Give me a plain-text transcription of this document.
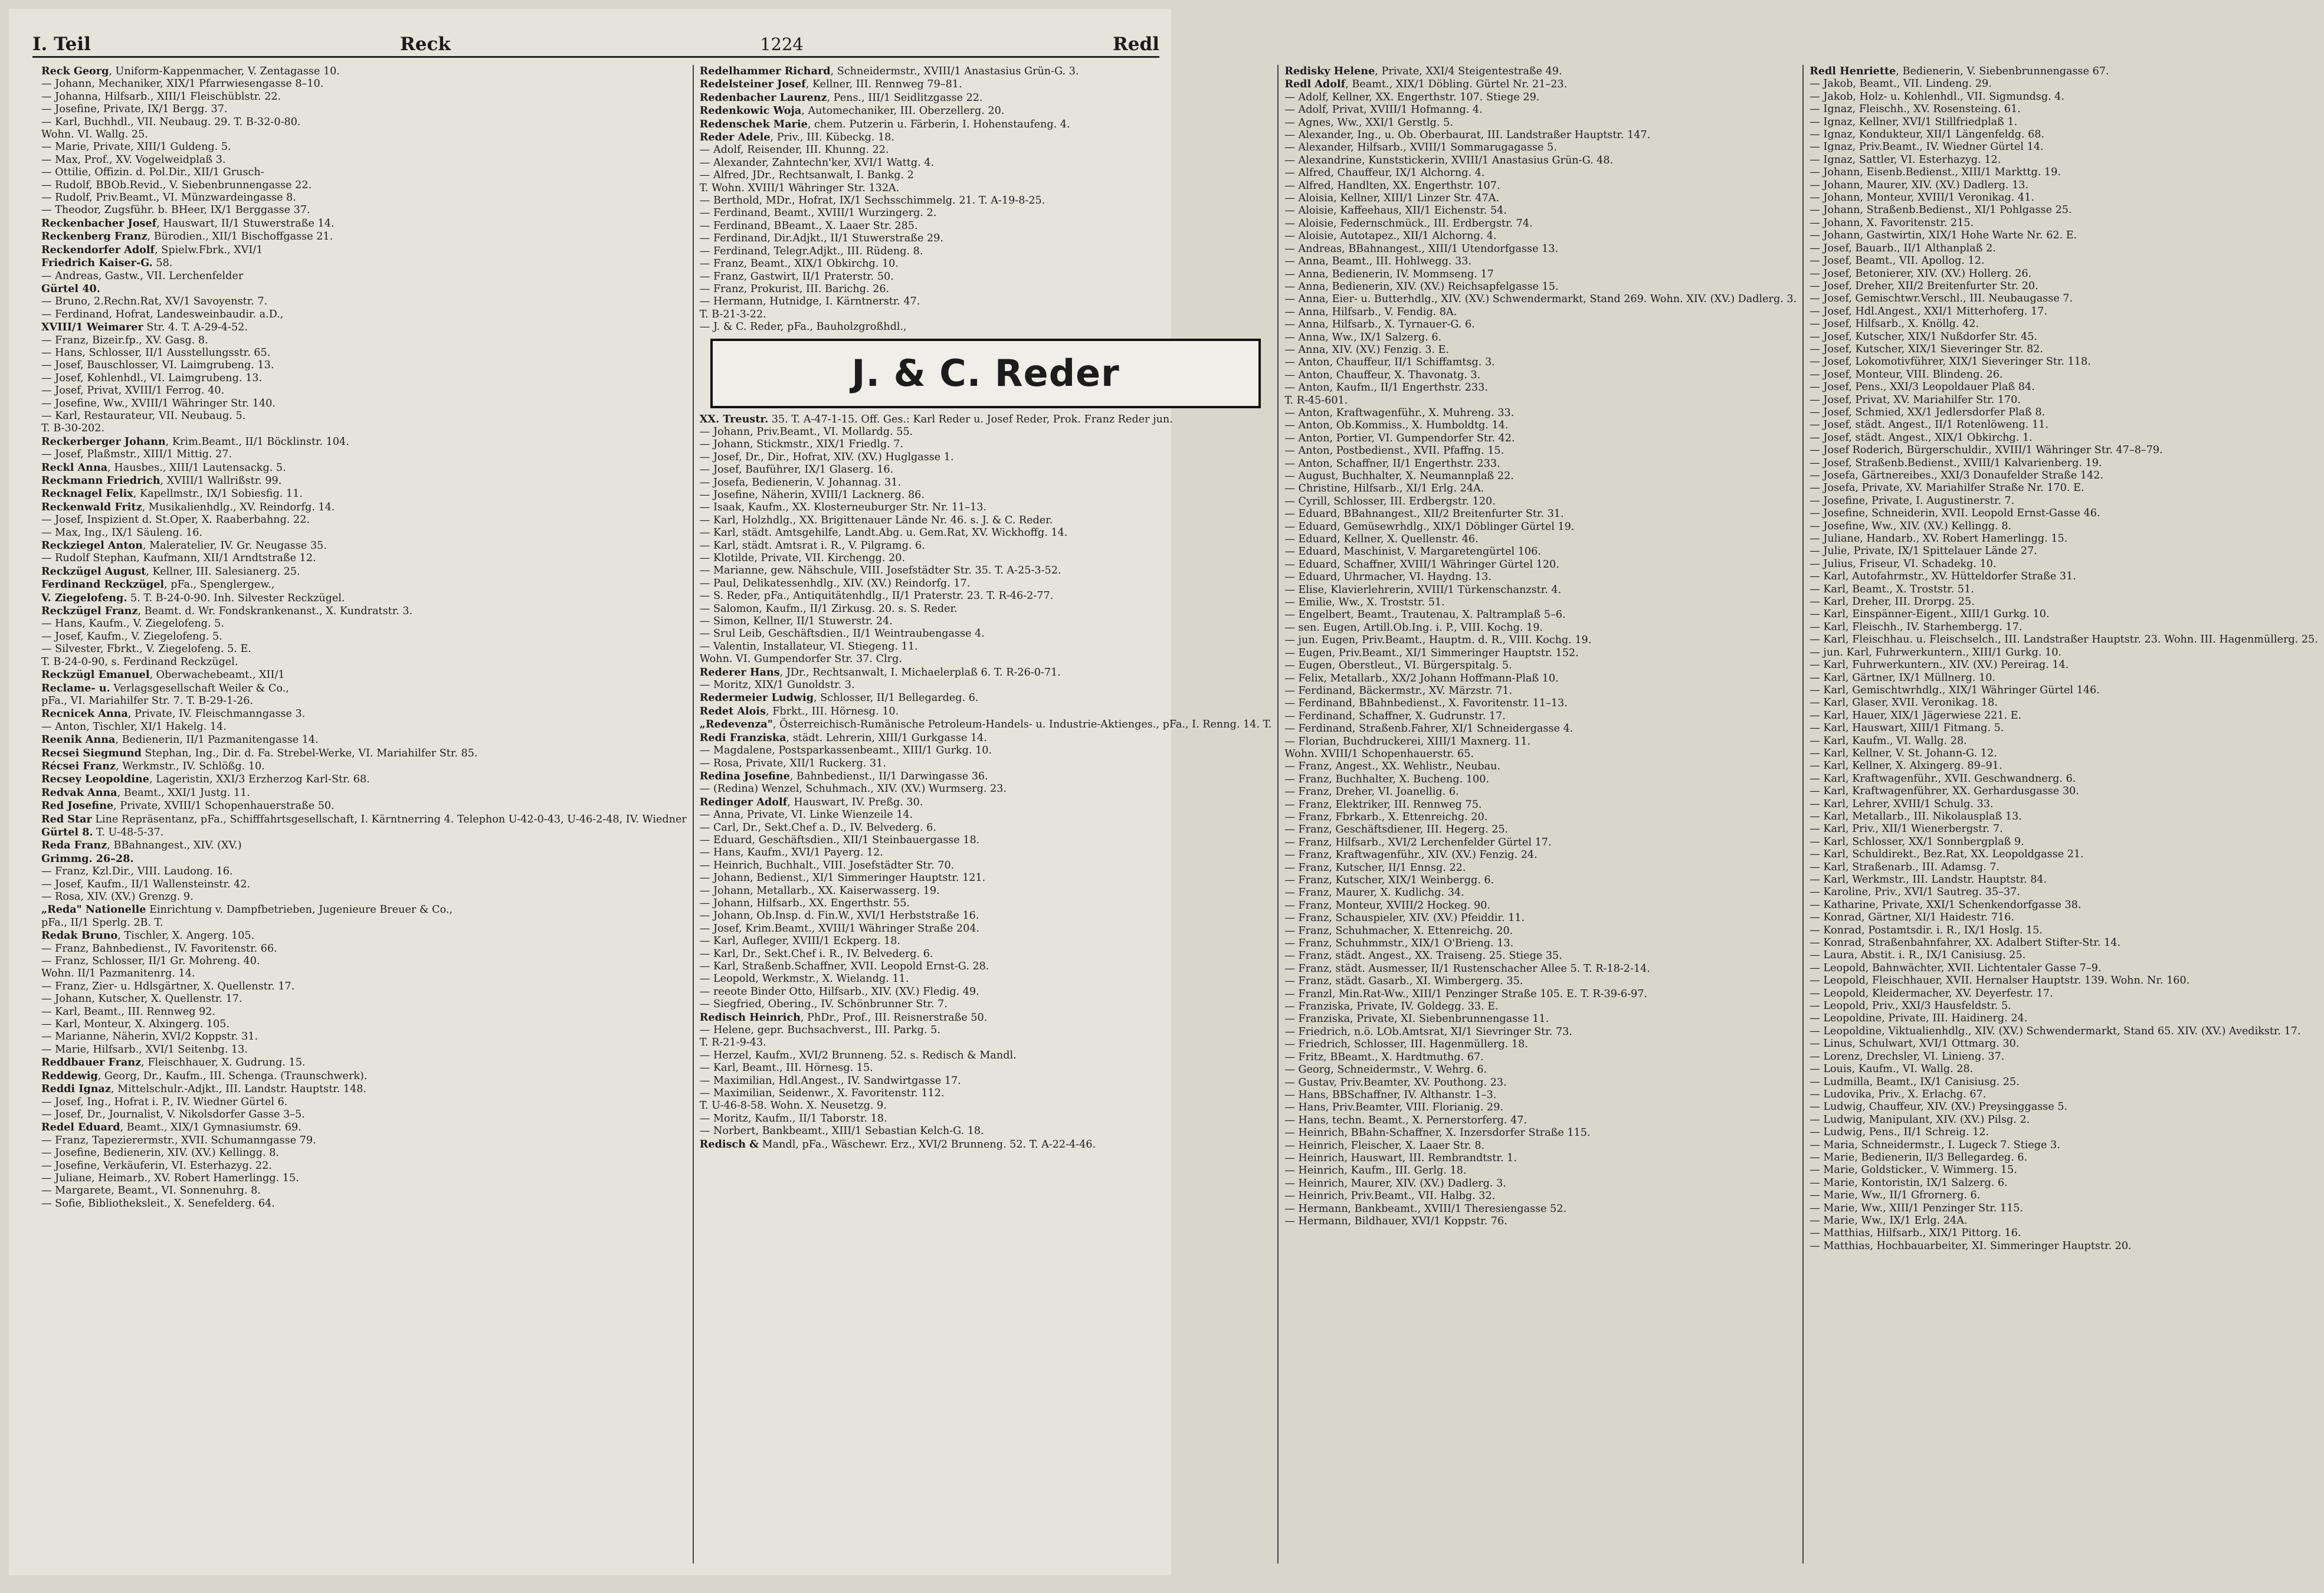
I. Teil	Reck	1224	Redl
Reck Georg, Uniform-Kappenmacher, V. Zentagasse 10.
— Johann, Mechaniker, XIX/1 Pfarrwiesengasse 8–10.
— Johanna, Hilfsarb., XIII/1 Fleischüblstr. 22.
— Josefine, Private, IX/1 Bergg. 37.
— Karl, Buchhdl., VII. Neubaug. 29. T. B-32-0-80.
Wohn. VI. Wallg. 25.
— Marie, Private, XIII/1 Guldeng. 5.
— Max, Prof., XV. Vogelweidplaß 3.
— Ottilie, Offizin. d. Pol.Dir., XII/1 Grusch-
— Rudolf, BBOb.Revid., V. Siebenbrunnengasse 22.
— Rudolf, Priv.Beamt., VI. Münzwardeingasse 8.
— Theodor, Zugsführ. b. BHeer, IX/1 Berggasse 37.
Reckenbacher Josef, Hauswart, II/1 Stuwerstraße 14.
Reckenberg Franz, Bürodien., XII/1 Bischoffgasse 21.
Reckendorfer Adolf, Spielw.Fbrk., XVI/1
Friedrich Kaiser-G. 58.
— Andreas, Gastw., VII. Lerchenfelder
Gürtel 40.
— Bruno, 2.Rechn.Rat, XV/1 Savoyenstr. 7.
— Ferdinand, Hofrat, Landesweinbaudir. a.D.,
XVIII/1 Weimarer Str. 4. T. A-29-4-52.
— Franz, Bizeir.fp., XV. Gasg. 8.
— Hans, Schlosser, II/1 Ausstellungsstr. 65.
— Josef, Bauschlosser, VI. Laimgrubeng. 13.
— Josef, Kohlenhdl., VI. Laimgrubeng. 13.
— Josef, Privat, XVIII/1 Ferrog. 40.
— Josefine, Ww., XVIII/1 Währinger Str. 140.
— Karl, Restaurateur, VII. Neubaug. 5.
T. B-30-202.
Reckerberger Johann, Krim.Beamt., II/1 Böcklinstr. 104.
— Josef, Plaßmstr., XIII/1 Mittig. 27.
Reckl Anna, Hausbes., XIII/1 Lautensackg. 5.
Reckmann Friedrich, XVIII/1 Wallrißstr. 99.
Recknagel Felix, Kapellmstr., IX/1 Sobiesfig. 11.
Reckenwald Fritz, Musikalienhdlg., XV. Reindorfg. 14.
— Josef, Inspizient d. St.Oper, X. Raaberbahng. 22.
— Max, Ing., IX/1 Säuleng. 16.
Reckziegel Anton, Maleratelier, IV. Gr. Neugasse 35.
— Rudolf Stephan, Kaufmann, XII/1 Arndtstraße 12.
Reckzügel August, Kellner, III. Salesianerg. 25.
Ferdinand Reckzügel, pFa., Spenglergew.,
V. Ziegelofeng. 5. T. B-24-0-90. Inh. Silvester Reckzügel.
Reckzügel Franz, Beamt. d. Wr. Fondskrankenanst., X. Kundratstr. 3.
— Hans, Kaufm., V. Ziegelofeng. 5.
— Josef, Kaufm., V. Ziegelofeng. 5.
— Silvester, Fbrkt., V. Ziegelofeng. 5. E.
T. B-24-0-90, s. Ferdinand Reckzügel.
Reckzügl Emanuel, Oberwachebeamt., XII/1
Reclame- u. Verlagsgesellschaft Weiler & Co.,
pFa., VI. Mariahilfer Str. 7. T. B-29-1-26.
Recnicek Anna, Private, IV. Fleischmanngasse 3.
— Anton, Tischler, XI/1 Hakelg. 14.
Reenik Anna, Bedienerin, II/1 Pazmanitengasse 14.
Recsei Siegmund Stephan, Ing., Dir. d. Fa. Strebel-Werke, VI. Mariahilfer Str. 85.
Récsei Franz, Werkmstr., IV. Schlößg. 10.
Recsey Leopoldine, Lageristin, XXI/3 Erzherzog Karl-Str. 68.
Redvak Anna, Beamt., XXI/1 Justg. 11.
Red Josefine, Private, XVIII/1 Schopenhauerstraße 50.
Red Star Line Repräsentanz, pFa., Schifffahrtsgesellschaft, I. Kärntnerring 4. Telephon U-42-0-43, U-46-2-48, IV. Wiedner
Gürtel 8. T. U-48-5-37.
Reda Franz, BBahnangest., XIV. (XV.)
Grimmg. 26–28.
— Franz, Kzl.Dir., VIII. Laudong. 16.
— Josef, Kaufm., II/1 Wallensteinstr. 42.
— Rosa, XIV. (XV.) Grenzg. 9.
„Reda" Nationelle Einrichtung v. Dampfbetrieben, Jugenieure Breuer & Co.,
pFa., II/1 Sperlg. 2B. T.
Redak Bruno, Tischler, X. Angerg. 105.
— Franz, Bahnbedienst., IV. Favoritenstr. 66.
— Franz, Schlosser, II/1 Gr. Mohreng. 40.
Wohn. II/1 Pazmanitenrg. 14.
— Franz, Zier- u. Hdlsgärtner, X. Quellenstr. 17.
— Johann, Kutscher, X. Quellenstr. 17.
— Karl, Beamt., III. Rennweg 92.
— Karl, Monteur, X. Alxingerg. 105.
— Marianne, Näherin, XVI/2 Koppstr. 31.
— Marie, Hilfsarb., XVI/1 Seitenbg. 13.
Reddbauer Franz, Fleischhauer, X. Gudrung. 15.
Reddewig, Georg, Dr., Kaufm., III. Schenga. (Traunschwerk).
Reddi Ignaz, Mittelschulr.-Adjkt., III. Landstr. Hauptstr. 148.
— Josef, Ing., Hofrat i. P., IV. Wiedner Gürtel 6.
— Josef, Dr., Journalist, V. Nikolsdorfer Gasse 3–5.
Redel Eduard, Beamt., XIX/1 Gymnasiumstr. 69.
— Franz, Tapezierermstr., XVII. Schumanngasse 79.
— Josefine, Bedienerin, XIV. (XV.) Kellingg. 8.
— Josefine, Verkäuferin, VI. Esterhazyg. 22.
— Juliane, Heimarb., XV. Robert Hamerlingg. 15.
— Margarete, Beamt., VI. Sonnenuhrg. 8.
— Sofie, Bibliotheksleit., X. Senefelderg. 64.
Redelhammer Richard, Schneidermstr., XVIII/1 Anastasius Grün-G. 3.
Redelsteiner Josef, Kellner, III. Rennweg 79–81.
Redenbacher Laurenz, Pens., III/1 Seidlitzgasse 22.
Redenkowic Woja, Automechaniker, III. Oberzellerg. 20.
Redenschek Marie, chem. Putzerin u. Färberin, I. Hohenstaufeng. 4.
Reder Adele, Priv., III. Kübeckg. 18.
— Adolf, Reisender, III. Khunng. 22.
— Alexander, Zahntechn'ker, XVI/1 Wattg. 4.
— Alfred, JDr., Rechtsanwalt, I. Bankg. 2
T. Wohn. XVIII/1 Währinger Str. 132A.
— Berthold, MDr., Hofrat, IX/1 Sechsschimmelg. 21. T. A-19-8-25.
— Ferdinand, Beamt., XVIII/1 Wurzingerg. 2.
— Ferdinand, BBeamt., X. Laaer Str. 285.
— Ferdinand, Dir.Adjkt., II/1 Stuwerstraße 29.
— Ferdinand, Telegr.Adjkt., III. Rüdeng. 8.
— Franz, Beamt., XIX/1 Obkirchg. 10.
— Franz, Gastwirt, II/1 Praterstr. 50.
— Franz, Prokurist, III. Barichg. 26.
— Hermann, Hutnidge, I. Kärntnerstr. 47.
T. B-21-3-22.
— J. & C. Reder, pFa., Bauholzgroßhdl.,
J. & C. Reder
XX. Treustr. 35. T. A-47-1-15. Off. Ges.: Karl Reder u. Josef Reder, Prok. Franz Reder jun.
— Johann, Priv.Beamt., VI. Mollardg. 55.
— Johann, Stickmstr., XIX/1 Friedlg. 7.
— Josef, Dr., Dir., Hofrat, XIV. (XV.) Huglgasse 1.
— Josef, Bauführer, IX/1 Glaserg. 16.
— Josefa, Bedienerin, V. Johannag. 31.
— Josefine, Näherin, XVIII/1 Lacknerg. 86.
— Isaak, Kaufm., XX. Klosterneuburger Str. Nr. 11–13.
— Karl, Holzhdlg., XX. Brigittenauer Lände Nr. 46. s. J. & C. Reder.
— Karl, städt. Amtsgehilfe, Landt.Abg. u. Gem.Rat, XV. Wickhoffg. 14.
— Karl, städt. Amtsrat i. R., V. Pilgramg. 6.
— Klotilde, Private, VII. Kirchengg. 20.
— Marianne, gew. Nähschule, VIII. Josefstädter Str. 35. T. A-25-3-52.
— Paul, Delikatessenhdlg., XIV. (XV.) Reindorfg. 17.
— S. Reder, pFa., Antiquitätenhdlg., II/1 Praterstr. 23. T. R-46-2-77.
— Salomon, Kaufm., II/1 Zirkusg. 20. s. S. Reder.
— Simon, Kellner, II/1 Stuwerstr. 24.
— Srul Leib, Geschäftsdien., II/1 Weintraubengasse 4.
— Valentin, Installateur, VI. Stiegeng. 11.
Wohn. VI. Gumpendorfer Str. 37. Clrg.
Rederer Hans, JDr., Rechtsanwalt, I. Michaelerplaß 6. T. R-26-0-71.
— Moritz, XIX/1 Gunoldstr. 3.
Redermeier Ludwig, Schlosser, II/1 Bellegardeg. 6.
Redet Alois, Fbrkt., III. Hörnesg. 10.
„Redevenza", Österreichisch-Rumänische Petroleum-Handels- u. Industrie-Aktienges., pFa., I. Renng. 14. T.
Redi Franziska, städt. Lehrerin, XIII/1 Gurkgasse 14.
— Magdalene, Postsparkassenbeamt., XIII/1 Gurkg. 10.
— Rosa, Private, XII/1 Ruckerg. 31.
Redina Josefine, Bahnbedienst., II/1 Darwingasse 36.
— (Redina) Wenzel, Schuhmach., XIV. (XV.) Wurmserg. 23.
Redinger Adolf, Hauswart, IV. Preßg. 30.
— Anna, Private, VI. Linke Wienzeile 14.
— Carl, Dr., Sekt.Chef a. D., IV. Belvederg. 6.
— Eduard, Geschäftsdien., XII/1 Steinbauergasse 18.
— Hans, Kaufm., XVI/1 Payerg. 12.
— Heinrich, Buchhalt., VIII. Josefstädter Str. 70.
— Johann, Bedienst., XI/1 Simmeringer Hauptstr. 121.
— Johann, Metallarb., XX. Kaiserwasserg. 19.
— Johann, Hilfsarb., XX. Engerthstr. 55.
— Johann, Ob.Insp. d. Fin.W., XVI/1 Herbststraße 16.
— Josef, Krim.Beamt., XVIII/1 Währinger Straße 204.
— Karl, Aufleger, XVIII/1 Eckperg. 18.
— Karl, Dr., Sekt.Chef i. R., IV. Belvederg. 6.
— Karl, Straßenb.Schaffner, XVII. Leopold Ernst-G. 28.
— Leopold, Werkmstr., X. Wielandg. 11.
— reeote Binder Otto, Hilfsarb., XIV. (XV.) Fledig. 49.
— Siegfried, Obering., IV. Schönbrunner Str. 7.
Redisch Heinrich, PhDr., Prof., III. Reisnerstraße 50.
— Helene, gepr. Buchsachverst., III. Parkg. 5.
T. R-21-9-43.
— Herzel, Kaufm., XVI/2 Brunneng. 52. s. Redisch & Mandl.
— Karl, Beamt., III. Hörnesg. 15.
— Maximilian, Hdl.Angest., IV. Sandwirtgasse 17.
— Maximilian, Seidenwr., X. Favoritenstr. 112.
T. U-46-8-58. Wohn. X. Neusetzg. 9.
— Moritz, Kaufm., II/1 Taborstr. 18.
— Norbert, Bankbeamt., XIII/1 Sebastian Kelch-G. 18.
Redisch & Mandl, pFa., Wäschewr. Erz., XVI/2 Brunneng. 52. T. A-22-4-46.
Redisky Helene, Private, XXI/4 Steigentestraße 49.
Redl Adolf, Beamt., XIX/1 Döbling. Gürtel Nr. 21–23.
— Adolf, Kellner, XX. Engerthstr. 107. Stiege 29.
— Adolf, Privat, XVIII/1 Hofmanng. 4.
— Agnes, Ww., XXI/1 Gerstlg. 5.
— Alexander, Ing., u. Ob. Oberbaurat, III. Landstraßer Hauptstr. 147.
— Alexander, Hilfsarb., XVIII/1 Sommarugagasse 5.
— Alexandrine, Kunststickerin, XVIII/1 Anastasius Grün-G. 48.
— Alfred, Chauffeur, IX/1 Alchorng. 4.
— Alfred, Handlten, XX. Engerthstr. 107.
— Aloisia, Kellner, XIII/1 Linzer Str. 47A.
— Aloisie, Kaffeehaus, XII/1 Eichenstr. 54.
— Aloisie, Federnschmück., III. Erdbergstr. 74.
— Aloisie, Autotapez., XII/1 Alchorng. 4.
— Andreas, BBahnangest., XIII/1 Utendorfgasse 13.
— Anna, Beamt., III. Hohlwegg. 33.
— Anna, Bedienerin, IV. Mommseng. 17
— Anna, Bedienerin, XIV. (XV.) Reichsapfelgasse 15.
— Anna, Eier- u. Butterhdlg., XIV. (XV.) Schwendermarkt, Stand 269. Wohn. XIV. (XV.) Dadlerg. 3.
— Anna, Hilfsarb., V. Fendig. 8A.
— Anna, Hilfsarb., X. Tyrnauer-G. 6.
— Anna, Ww., IX/1 Salzerg. 6.
— Anna, XIV. (XV.) Fenzig. 3. E.
— Anton, Chauffeur, II/1 Schiffamtsg. 3.
— Anton, Chauffeur, X. Thavonatg. 3.
— Anton, Kaufm., II/1 Engerthstr. 233.
T. R-45-601.
— Anton, Kraftwagenführ., X. Muhreng. 33.
— Anton, Ob.Kommiss., X. Humboldtg. 14.
— Anton, Portier, VI. Gumpendorfer Str. 42.
— Anton, Postbedienst., XVII. Pfaffng. 15.
— Anton, Schaffner, II/1 Engerthstr. 233.
— August, Buchhalter, X. Neumannplaß 22.
— Christine, Hilfsarb., XI/1 Erlg. 24A.
— Cyrill, Schlosser, III. Erdbergstr. 120.
— Eduard, BBahnangest., XII/2 Breitenfurter Str. 31.
— Eduard, Gemüsewrhdlg., XIX/1 Döblinger Gürtel 19.
— Eduard, Kellner, X. Quellenstr. 46.
— Eduard, Maschinist, V. Margaretengürtel 106.
— Eduard, Schaffner, XVIII/1 Währinger Gürtel 120.
— Eduard, Uhrmacher, VI. Haydng. 13.
— Elise, Klavierlehrerin, XVIII/1 Türkenschanzstr. 4.
— Emilie, Ww., X. Troststr. 51.
— Engelbert, Beamt., Trautenau, X. Paltramplaß 5–6.
— sen. Eugen, Artill.Ob.Ing. i. P., VIII. Kochg. 19.
— jun. Eugen, Priv.Beamt., Hauptm. d. R., VIII. Kochg. 19.
— Eugen, Priv.Beamt., XI/1 Simmeringer Hauptstr. 152.
— Eugen, Oberstleut., VI. Bürgerspitalg. 5.
— Felix, Metallarb., XX/2 Johann Hoffmann-Plaß 10.
— Ferdinand, Bäckermstr., XV. Märzstr. 71.
— Ferdinand, BBahnbedienst., X. Favoritenstr. 11–13.
— Ferdinand, Schaffner, X. Gudrunstr. 17.
— Ferdinand, Straßenb.Fahrer, XI/1 Schneidergasse 4.
— Florian, Buchdruckerei, XIII/1 Maxnerg. 11.
Wohn. XVIII/1 Schopenhauerstr. 65.
— Franz, Angest., XX. Wehlistr., Neubau.
— Franz, Buchhalter, X. Bucheng. 100.
— Franz, Dreher, VI. Joanellig. 6.
— Franz, Elektriker, III. Rennweg 75.
— Franz, Fbrkarb., X. Ettenreichg. 20.
— Franz, Geschäftsdiener, III. Hegerg. 25.
— Franz, Hilfsarb., XVI/2 Lerchenfelder Gürtel 17.
— Franz, Kraftwagenführ., XIV. (XV.) Fenzig. 24.
— Franz, Kutscher, II/1 Ennsg. 22.
— Franz, Kutscher, XIX/1 Weinbergg. 6.
— Franz, Maurer, X. Kudlichg. 34.
— Franz, Monteur, XVIII/2 Hockeg. 90.
— Franz, Schauspieler, XIV. (XV.) Pfeiddir. 11.
— Franz, Schuhmacher, X. Ettenreichg. 20.
— Franz, Schuhmmstr., XIX/1 O'Brieng. 13.
— Franz, städt. Angest., XX. Traiseng. 25. Stiege 35.
— Franz, städt. Ausmesser, II/1 Rustenschacher Allee 5. T. R-18-2-14.
— Franz, städt. Gasarb., XI. Wimbergerg. 35.
— Franzl, Min.Rat-Ww., XIII/1 Penzinger Straße 105. E. T. R-39-6-97.
— Franziska, Private, IV. Goldegg. 33. E.
— Franziska, Private, XI. Siebenbrunnengasse 11.
— Friedrich, n.ö. LOb.Amtsrat, XI/1 Sievringer Str. 73.
— Friedrich, Schlosser, III. Hagenmüllerg. 18.
— Fritz, BBeamt., X. Hardtmuthg. 67.
— Georg, Schneidermstr., V. Wehrg. 6.
— Gustav, Priv.Beamter, XV. Pouthong. 23.
— Hans, BBSchaffner, IV. Althanstr. 1–3.
— Hans, Priv.Beamter, VIII. Florianig. 29.
— Hans, techn. Beamt., X. Pernerstorferg. 47.
— Heinrich, BBahn-Schaffner, X. Inzersdorfer Straße 115.
— Heinrich, Fleischer, X. Laaer Str. 8.
— Heinrich, Hauswart, III. Rembrandtstr. 1.
— Heinrich, Kaufm., III. Gerlg. 18.
— Heinrich, Maurer, XIV. (XV.) Dadlerg. 3.
— Heinrich, Priv.Beamt., VII. Halbg. 32.
— Hermann, Bankbeamt., XVIII/1 Theresiengasse 52.
— Hermann, Bildhauer, XVI/1 Koppstr. 76.
Redl Henriette, Bedienerin, V. Siebenbrunnengasse 67.
— Jakob, Beamt., VII. Lindeng. 29.
— Jakob, Holz- u. Kohlenhdl., VII. Sigmundsg. 4.
— Ignaz, Fleischh., XV. Rosensteing. 61.
— Ignaz, Kellner, XVI/1 Stillfriedplaß 1.
— Ignaz, Kondukteur, XII/1 Längenfeldg. 68.
— Ignaz, Priv.Beamt., IV. Wiedner Gürtel 14.
— Ignaz, Sattler, VI. Esterhazyg. 12.
— Johann, Eisenb.Bedienst., XIII/1 Markttg. 19.
— Johann, Maurer, XIV. (XV.) Dadlerg. 13.
— Johann, Monteur, XVIII/1 Veronikag. 41.
— Johann, Straßenb.Bedienst., XI/1 Pohlgasse 25.
— Johann, X. Favoritenstr. 215.
— Johann, Gastwirtin, XIX/1 Hohe Warte Nr. 62. E.
— Josef, Bauarb., II/1 Althanplaß 2.
— Josef, Beamt., VII. Apollog. 12.
— Josef, Betonierer, XIV. (XV.) Hollerg. 26.
— Josef, Dreher, XII/2 Breitenfurter Str. 20.
— Josef, Gemischtwr.Verschl., III. Neubaugasse 7.
— Josef, Hdl.Angest., XXI/1 Mitterhoferg. 17.
— Josef, Hilfsarb., X. Knöllg. 42.
— Josef, Kutscher, XIX/1 Nußdorfer Str. 45.
— Josef, Kutscher, XIX/1 Sieveringer Str. 82.
— Josef, Lokomotivführer, XIX/1 Sieveringer Str. 118.
— Josef, Monteur, VIII. Blindeng. 26.
— Josef, Pens., XXI/3 Leopoldauer Plaß 84.
— Josef, Privat, XV. Mariahilfer Str. 170.
— Josef, Schmied, XX/1 Jedlersdorfer Plaß 8.
— Josef, städt. Angest., II/1 Rotenlöweng. 11.
— Josef, städt. Angest., XIX/1 Obkirchg. 1.
— Josef Roderich, Bürgerschuldir., XVIII/1 Währinger Str. 47–8–79.
— Josef, Straßenb.Bedienst., XVIII/1 Kalvarienberg. 19.
— Josefa, Gärtnereibes., XXI/3 Donaufelder Straße 142.
— Josefa, Private, XV. Mariahilfer Straße Nr. 170. E.
— Josefine, Private, I. Augustinerstr. 7.
— Josefine, Schneiderin, XVII. Leopold Ernst-Gasse 46.
— Josefine, Ww., XIV. (XV.) Kellingg. 8.
— Juliane, Handarb., XV. Robert Hamerlingg. 15.
— Julie, Private, IX/1 Spittelauer Lände 27.
— Julius, Friseur, VI. Schadekg. 10.
— Karl, Autofahrmstr., XV. Hütteldorfer Straße 31.
— Karl, Beamt., X. Troststr. 51.
— Karl, Dreher, III. Drorpg. 25.
— Karl, Einspänner-Eigent., XIII/1 Gurkg. 10.
— Karl, Fleischh., IV. Starhembergg. 17.
— Karl, Fleischhau. u. Fleischselch., III. Landstraßer Hauptstr. 23. Wohn. III. Hagenmüllerg. 25.
— jun. Karl, Fuhrwerkuntern., XIII/1 Gurkg. 10.
— Karl, Fuhrwerkuntern., XIV. (XV.) Pereirag. 14.
— Karl, Gärtner, IX/1 Müllnerg. 10.
— Karl, Gemischtwrhdlg., XIX/1 Währinger Gürtel 146.
— Karl, Glaser, XVII. Veronikag. 18.
— Karl, Hauer, XIX/1 Jägerwiese 221. E.
— Karl, Hauswart, XIII/1 Fitmang. 5.
— Karl, Kaufm., VI. Wallg. 28.
— Karl, Kellner, V. St. Johann-G. 12.
— Karl, Kellner, X. Alxingerg. 89–91.
— Karl, Kraftwagenführ., XVII. Geschwandnerg. 6.
— Karl, Kraftwagenführer, XX. Gerhardusgasse 30.
— Karl, Lehrer, XVIII/1 Schulg. 33.
— Karl, Metallarb., III. Nikolausplaß 13.
— Karl, Priv., XII/1 Wienerbergstr. 7.
— Karl, Schlosser, XX/1 Sonnbergplaß 9.
— Karl, Schuldirekt., Bez.Rat, XX. Leopoldgasse 21.
— Karl, Straßenarb., III. Adamsg. 7.
— Karl, Werkmstr., III. Landstr. Hauptstr. 84.
— Karoline, Priv., XVI/1 Sautreg. 35–37.
— Katharine, Private, XXI/1 Schenkendorfgasse 38.
— Konrad, Gärtner, XI/1 Haidestr. 716.
— Konrad, Postamtsdir. i. R., IX/1 Hoslg. 15.
— Konrad, Straßenbahnfahrer, XX. Adalbert Stifter-Str. 14.
— Laura, Abstit. i. R., IX/1 Canisiusg. 25.
— Leopold, Bahnwächter, XVII. Lichtentaler Gasse 7–9.
— Leopold, Fleischhauer, XVII. Hernalser Hauptstr. 139. Wohn. Nr. 160.
— Leopold, Kleidermacher, XV. Deyerfestr. 17.
— Leopold, Priv., XXI/3 Hausfeldstr. 5.
— Leopoldine, Private, III. Haidinerg. 24.
— Leopoldine, Viktualienhdlg., XIV. (XV.) Schwendermarkt, Stand 65. XIV. (XV.) Avedikstr. 17.
— Linus, Schulwart, XVI/1 Ottmarg. 30.
— Lorenz, Drechsler, VI. Linieng. 37.
— Louis, Kaufm., VI. Wallg. 28.
— Ludmilla, Beamt., IX/1 Canisiusg. 25.
— Ludovika, Priv., X. Erlachg. 67.
— Ludwig, Chauffeur, XIV. (XV.) Preysinggasse 5.
— Ludwig, Manipulant, XIV. (XV.) Pilsg. 2.
— Ludwig, Pens., II/1 Schreig. 12.
— Maria, Schneidermstr., I. Lugeck 7. Stiege 3.
— Marie, Bedienerin, II/3 Bellegardeg. 6.
— Marie, Goldsticker., V. Wimmerg. 15.
— Marie, Kontoristin, IX/1 Salzerg. 6.
— Marie, Ww., II/1 Gfrornerg. 6.
— Marie, Ww., XIII/1 Penzinger Str. 115.
— Marie, Ww., IX/1 Erlg. 24A.
— Matthias, Hilfsarb., XIX/1 Pittorg. 16.
— Matthias, Hochbauarbeiter, XI. Simmeringer Hauptstr. 20.
